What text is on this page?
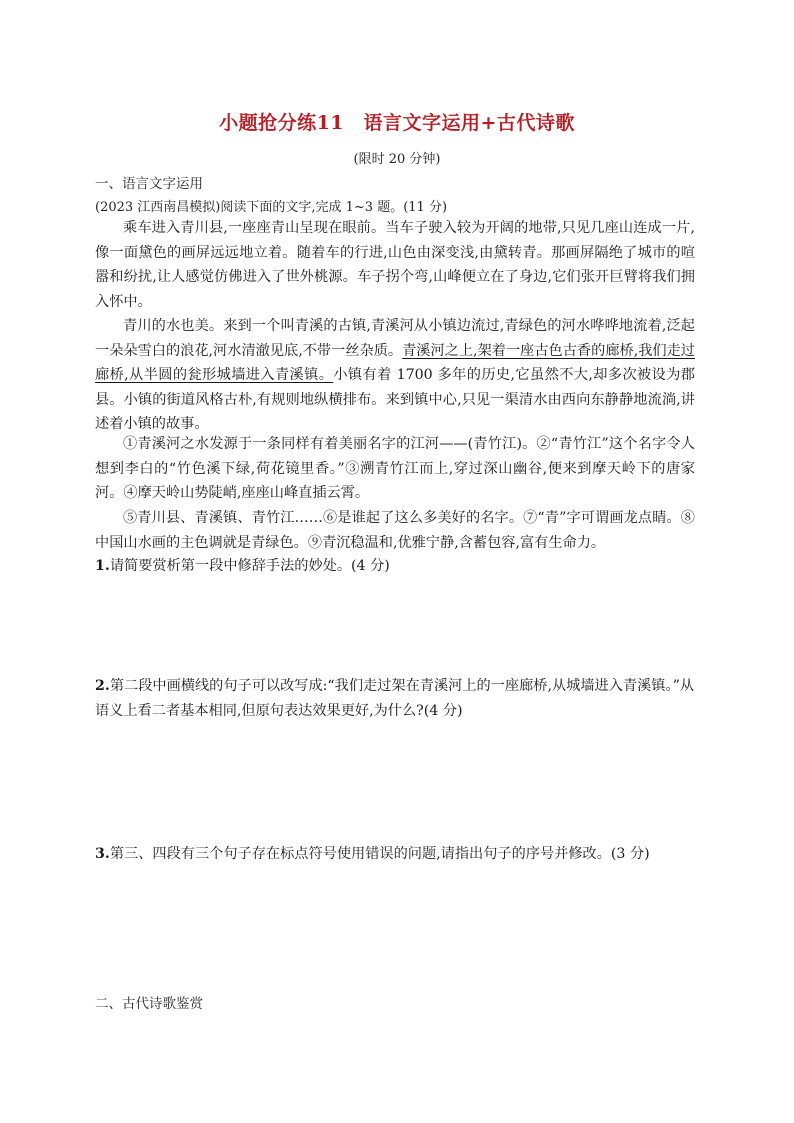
小题抢分练11　语言文字运用+古代诗歌
(限时 20 分钟)
一、语言文字运用
(2023 江西南昌模拟)阅读下面的文字,完成 1~3 题。(11 分)
乘车进入青川县,一座座青山呈现在眼前。当车子驶入较为开阔的地带,只见几座山连成一片,像一面黛色的画屏远远地立着。随着车的行进,山色由深变浅,由黛转青。那画屏隔绝了城市的喧嚣和纷扰,让人感觉仿佛进入了世外桃源。车子拐个弯,山峰便立在了身边,它们张开巨臂将我们拥入怀中。
青川的水也美。来到一个叫青溪的古镇,青溪河从小镇边流过,青绿色的河水哗哗地流着,泛起一朵朵雪白的浪花,河水清澈见底,不带一丝杂质。青溪河之上,架着一座古色古香的廊桥,我们走过廊桥,从半圆的瓮形城墙进入青溪镇。小镇有着 1700 多年的历史,它虽然不大,却多次被设为郡县。小镇的街道风格古朴,有规则地纵横排布。来到镇中心,只见一渠清水由西向东静静地流淌,讲述着小镇的故事。
①青溪河之水发源于一条同样有着美丽名字的江河——(青竹江)。②“青竹江”这个名字令人想到李白的“竹色溪下绿,荷花镜里香。”③溯青竹江而上,穿过深山幽谷,便来到摩天岭下的唐家河。④摩天岭山势陡峭,座座山峰直插云霄。
⑤青川县、青溪镇、青竹江……⑥是谁起了这么多美好的名字。⑦“青”字可谓画龙点睛。⑧中国山水画的主色调就是青绿色。⑨青沉稳温和,优雅宁静,含蓄包容,富有生命力。
1.请简要赏析第一段中修辞手法的妙处。(4 分)
2.第二段中画横线的句子可以改写成:“我们走过架在青溪河上的一座廊桥,从城墙进入青溪镇。”从语义上看二者基本相同,但原句表达效果更好,为什么?(4 分)
3.第三、四段有三个句子存在标点符号使用错误的问题,请指出句子的序号并修改。(3 分)
二、古代诗歌鉴赏
